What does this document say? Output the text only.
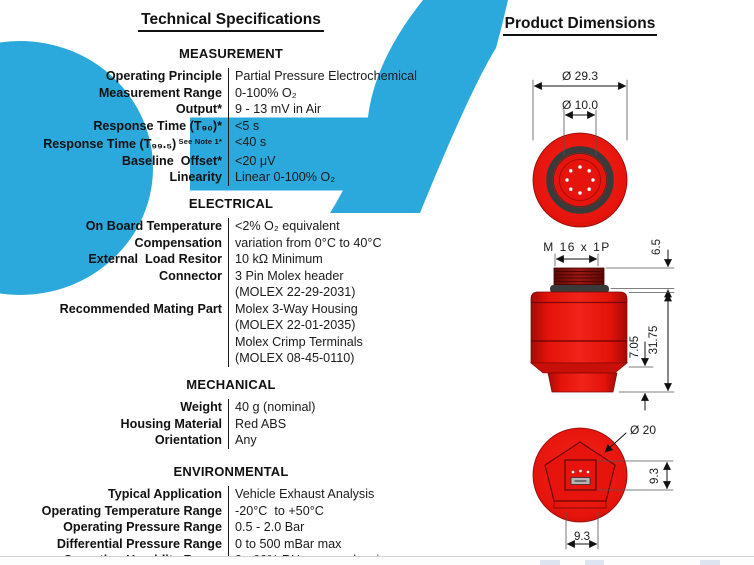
Ø 29.3
Ø 10.0
M 16 x 1P	6.5
31.75
7.05
Ø 20
9.3
9.3
Technical Specifications
MEASUREMENT
Operating Principle Partial Pressure Electrochemical
Measurement Range 0-100% O₂
Output* 9 - 13 mV in Air
Response Time (T₉₀)* <5 s
Response Time (T₉₉.₅) $^{See Note 1*}$ <40 s
Baseline  Offset* <20 μV
Linearity Linear 0-100% O₂
ELECTRICAL
On Board Temperature
Compensation
<2% O₂ equivalent
variation from 0°C to 40°C
External  Load Resitor 10 kΩ Minimum
Connector 3 Pin Molex header
(MOLEX 22-29-2031)
Recommended Mating Part Molex 3-Way Housing
(MOLEX 22-01-2035)
Molex Crimp Terminals
(MOLEX 08-45-0110)
MECHANICAL
Weight 40 g (nominal)
Housing Material Red ABS
Orientation Any
ENVIRONMENTAL
Typical Application Vehicle Exhaust Analysis
Operating Temperature Range -20°C  to +50°C
Operating Pressure Range 0.5 - 2.0 Bar
Differential Pressure Range 0 to 500 mBar max
Product Dimensions
